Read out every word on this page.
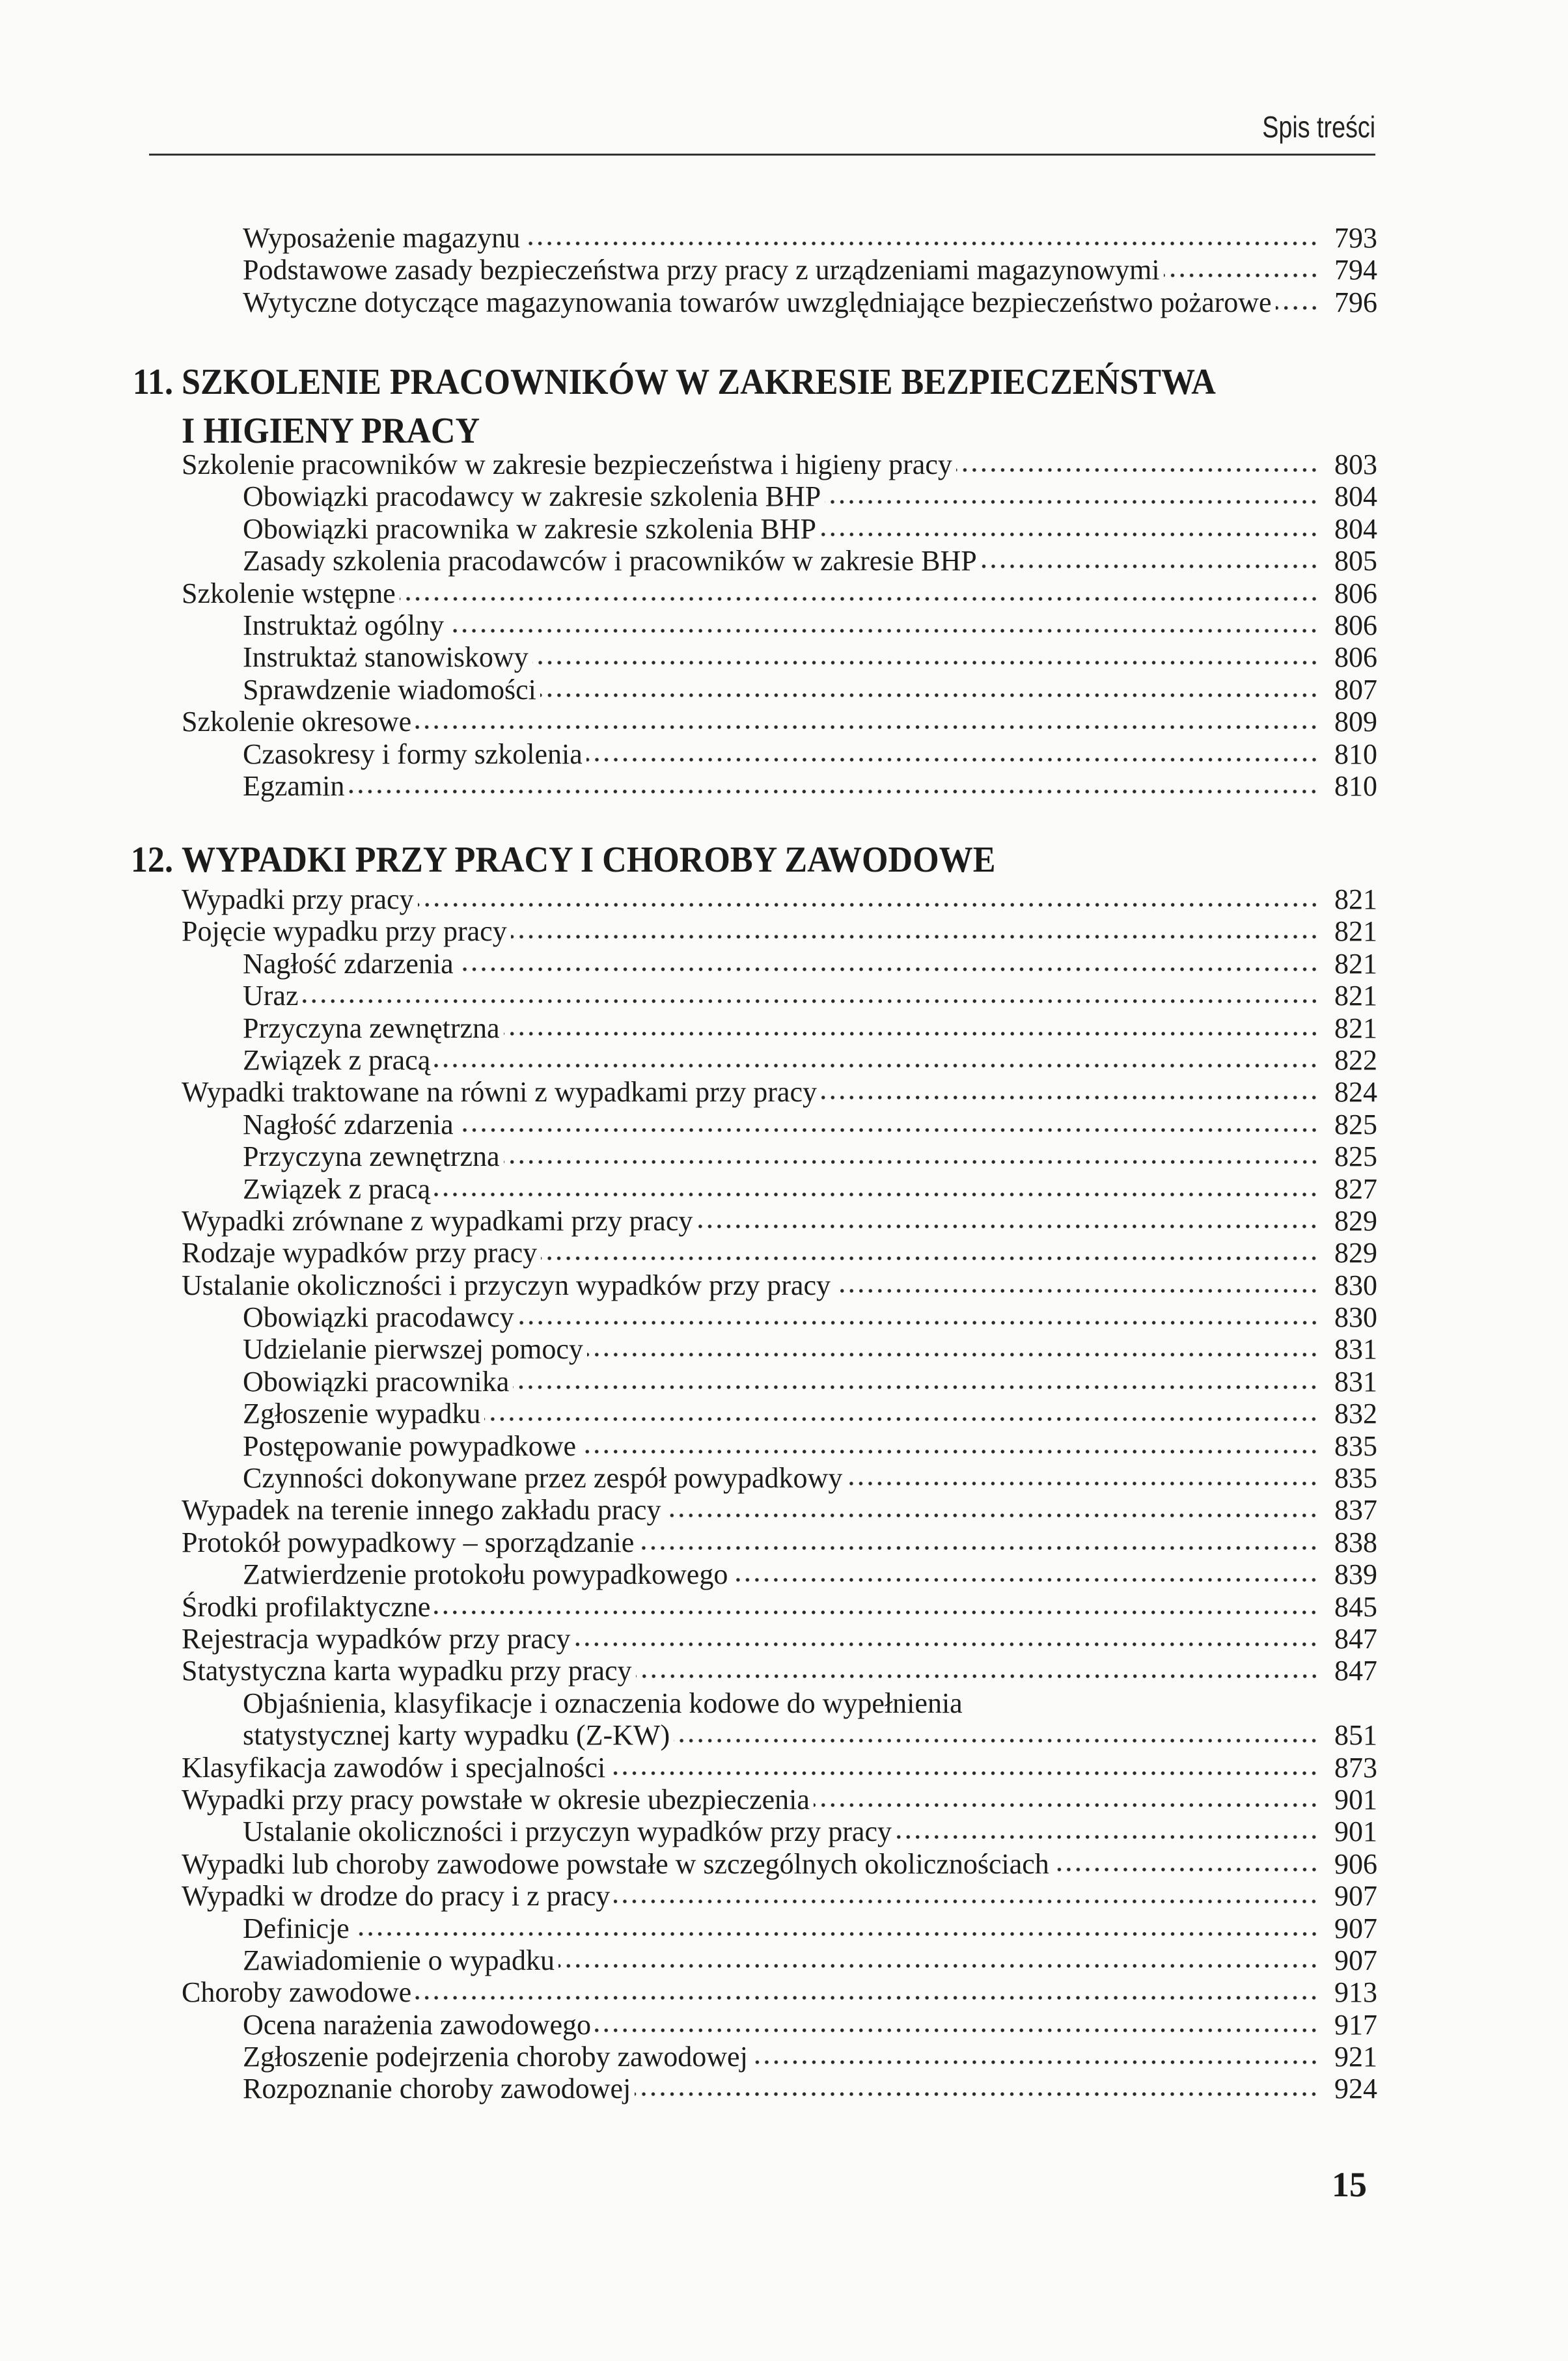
Spis treści
Wyposażenie magazynu	793
Podstawowe zasady bezpieczeństwa przy pracy z urządzeniami magazynowymi	794
Wytyczne dotyczące magazynowania towarów uwzględniające bezpieczeństwo pożarowe 796
11. SZKOLENIE PRACOWNIKÓW W ZAKRESIE BEZPIECZEŃSTWA
I HIGIENY PRACY
Szkolenie pracowników w zakresie bezpieczeństwa i higieny pracy	803
Obowiązki pracodawcy w zakresie szkolenia BHP	804
Obowiązki pracownika w zakresie szkolenia BHP	804
Zasady szkolenia pracodawców i pracowników w zakresie BHP	805
Szkolenie wstępne	806
Instruktaż ogólny	806
Instruktaż stanowiskowy	806
Sprawdzenie wiadomości	807
Szkolenie okresowe	809
Czasokresy i formy szkolenia	810
Egzamin	810
12. WYPADKI PRZY PRACY I CHOROBY ZAWODOWE
Wypadki przy pracy	821
Pojęcie wypadku przy pracy	821
Nagłość zdarzenia	821
Uraz	821
Przyczyna zewnętrzna	821
Związek z pracą	822
Wypadki traktowane na równi z wypadkami przy pracy	824
Nagłość zdarzenia	825
Przyczyna zewnętrzna	825
Związek z pracą	827
Wypadki zrównane z wypadkami przy pracy	829
Rodzaje wypadków przy pracy	829
Ustalanie okoliczności i przyczyn wypadków przy pracy	830
Obowiązki pracodawcy	830
Udzielanie pierwszej pomocy	831
Obowiązki pracownika	831
Zgłoszenie wypadku	832
Postępowanie powypadkowe	835
Czynności dokonywane przez zespół powypadkowy	835
Wypadek na terenie innego zakładu pracy	837
Protokół powypadkowy – sporządzanie	838
Zatwierdzenie protokołu powypadkowego	839
Środki profilaktyczne	845
Rejestracja wypadków przy pracy	847
Statystyczna karta wypadku przy pracy	847
Objaśnienia, klasyfikacje i oznaczenia kodowe do wypełnienia
statystycznej karty wypadku (Z-KW)	851
Klasyfikacja zawodów i specjalności	873
Wypadki przy pracy powstałe w okresie ubezpieczenia	901
Ustalanie okoliczności i przyczyn wypadków przy pracy	901
Wypadki lub choroby zawodowe powstałe w szczególnych okolicznościach	906
Wypadki w drodze do pracy i z pracy	907
Definicje	907
Zawiadomienie o wypadku	907
Choroby zawodowe	913
Ocena narażenia zawodowego	917
Zgłoszenie podejrzenia choroby zawodowej	921
Rozpoznanie choroby zawodowej	924
15
